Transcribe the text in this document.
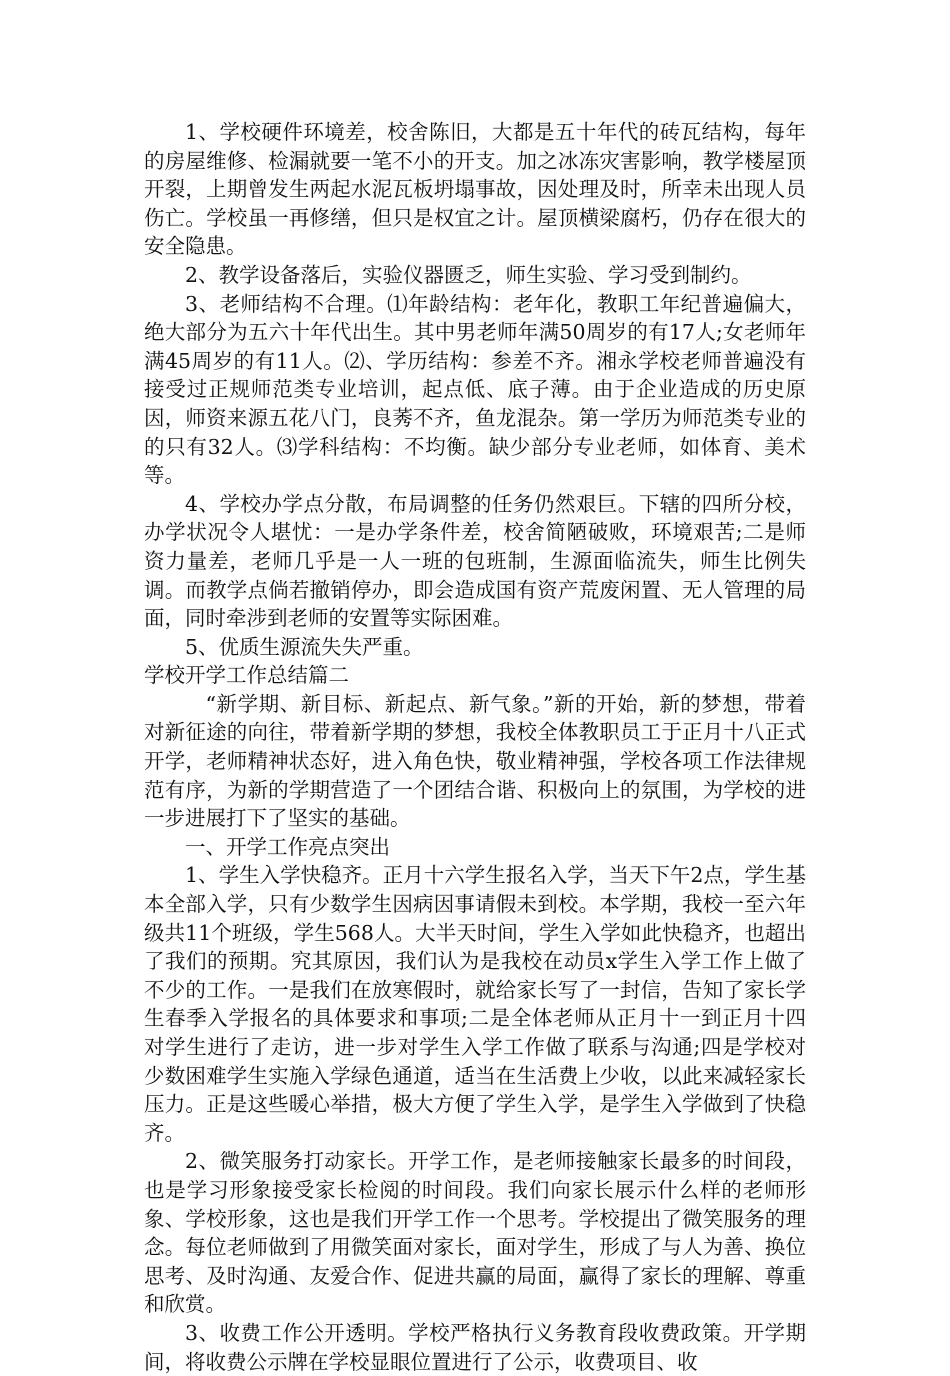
1、学校硬件环境差，校舍陈旧，大都是五十年代的砖瓦结构，每年的房屋维修、检漏就要一笔不小的开支。加之冰冻灾害影响，教学楼屋顶开裂，上期曾发生两起水泥瓦板坍塌事故，因处理及时，所幸未出现人员伤亡。学校虽一再修缮，但只是权宜之计。屋顶横梁腐朽，仍存在很大的安全隐患。

2、教学设备落后，实验仪器匮乏，师生实验、学习受到制约。

3、老师结构不合理。⑴年龄结构：老年化，教职工年纪普遍偏大，绝大部分为五六十年代出生。其中男老师年满50周岁的有17人;女老师年满45周岁的有11人。⑵、学历结构：参差不齐。湘永学校老师普遍没有接受过正规师范类专业培训，起点低、底子薄。由于企业造成的历史原因，师资来源五花八门，良莠不齐，鱼龙混杂。第一学历为师范类专业的的只有32人。⑶学科结构：不均衡。缺少部分专业老师，如体育、美术等。

4、学校办学点分散，布局调整的任务仍然艰巨。下辖的四所分校，办学状况令人堪忧：一是办学条件差，校舍简陋破败，环境艰苦;二是师资力量差，老师几乎是一人一班的包班制，生源面临流失，师生比例失调。而教学点倘若撤销停办，即会造成国有资产荒废闲置、无人管理的局面，同时牵涉到老师的安置等实际困难。

5、优质生源流失失严重。

学校开学工作总结篇二

“新学期、新目标、新起点、新气象。”新的开始，新的梦想，带着对新征途的向往，带着新学期的梦想，我校全体教职员工于正月十八正式开学，老师精神状态好，进入角色快，敬业精神强，学校各项工作法律规范有序，为新的学期营造了一个团结合谐、积极向上的氛围，为学校的进一步进展打下了坚实的基础。

一、开学工作亮点突出

1、学生入学快稳齐。正月十六学生报名入学，当天下午2点，学生基本全部入学，只有少数学生因病因事请假未到校。本学期，我校一至六年级共11个班级，学生568人。大半天时间，学生入学如此快稳齐，也超出了我们的预期。究其原因，我们认为是我校在动员x学生入学工作上做了不少的工作。一是我们在放寒假时，就给家长写了一封信，告知了家长学生春季入学报名的具体要求和事项;二是全体老师从正月十一到正月十四对学生进行了走访，进一步对学生入学工作做了联系与沟通;四是学校对少数困难学生实施入学绿色通道，适当在生活费上少收，以此来减轻家长压力。正是这些暖心举措，极大方便了学生入学，是学生入学做到了快稳齐。

2、微笑服务打动家长。开学工作，是老师接触家长最多的时间段，也是学习形象接受家长检阅的时间段。我们向家长展示什么样的老师形象、学校形象，这也是我们开学工作一个思考。学校提出了微笑服务的理念。每位老师做到了用微笑面对家长，面对学生，形成了与人为善、换位思考、及时沟通、友爱合作、促进共赢的局面，赢得了家长的理解、尊重和欣赏。

3、收费工作公开透明。学校严格执行义务教育段收费政策。开学期间，将收费公示牌在学校显眼位置进行了公示，收费项目、收
